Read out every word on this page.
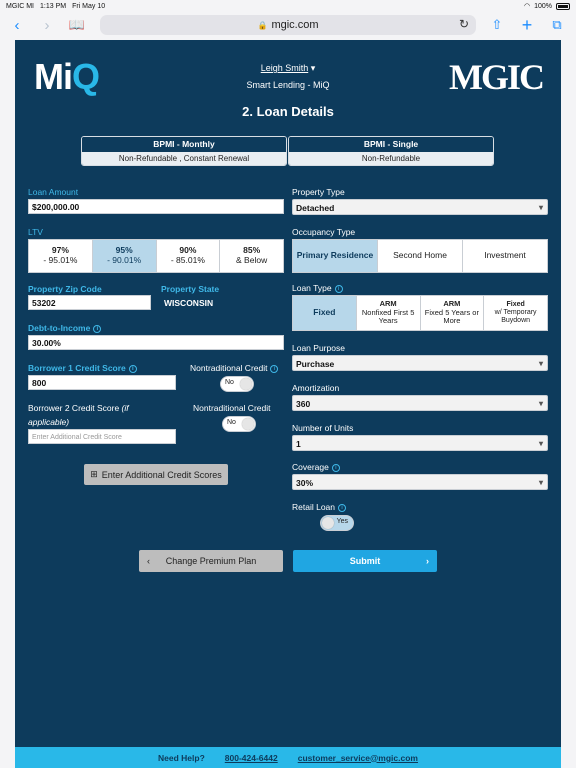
MGIC MI 1:13 PM Fri May 10	◠ 100%
‹	›	📖	🔒 mgic.com	↻	⇧	+	⧉
MiQ	Leigh Smith ▾
Smart Lending - MiQ	MGIC
2. Loan Details
BPMI - Monthly
Non-Refundable , Constant Renewal
BPMI - Single
Non-Refundable
Loan Amount
$200,000.00
LTV
97%
- 95.01%
95%
- 90.01%
90%
- 85.01%
85%
& Below
Property Zip Code
53202
Property State
WISCONSIN
Debt-to-Income i
30.00%
Borrower 1 Credit Score i
800
Nontraditional Credit i
No
Borrower 2 Credit Score (if
applicable)
Enter Additional Credit Score
Nontraditional Credit
No
⊞ Enter Additional Credit Scores
Property Type
Detached ▾
Occupancy Type
Primary Residence	Second Home	Investment
Loan Type i
Fixed
ARM
Nonfixed First 5 Years
ARM
Fixed 5 Years or More
Fixed
w/ Temporary Buydown
Loan Purpose
Purchase ▾
Amortization
360 ▾
Number of Units
1 ▾
Coverage i
30% ▾
Retail Loan i
Yes
‹ Change Premium Plan	Submit	›
Need Help? 800-424-6442 customer_service@mgic.com
